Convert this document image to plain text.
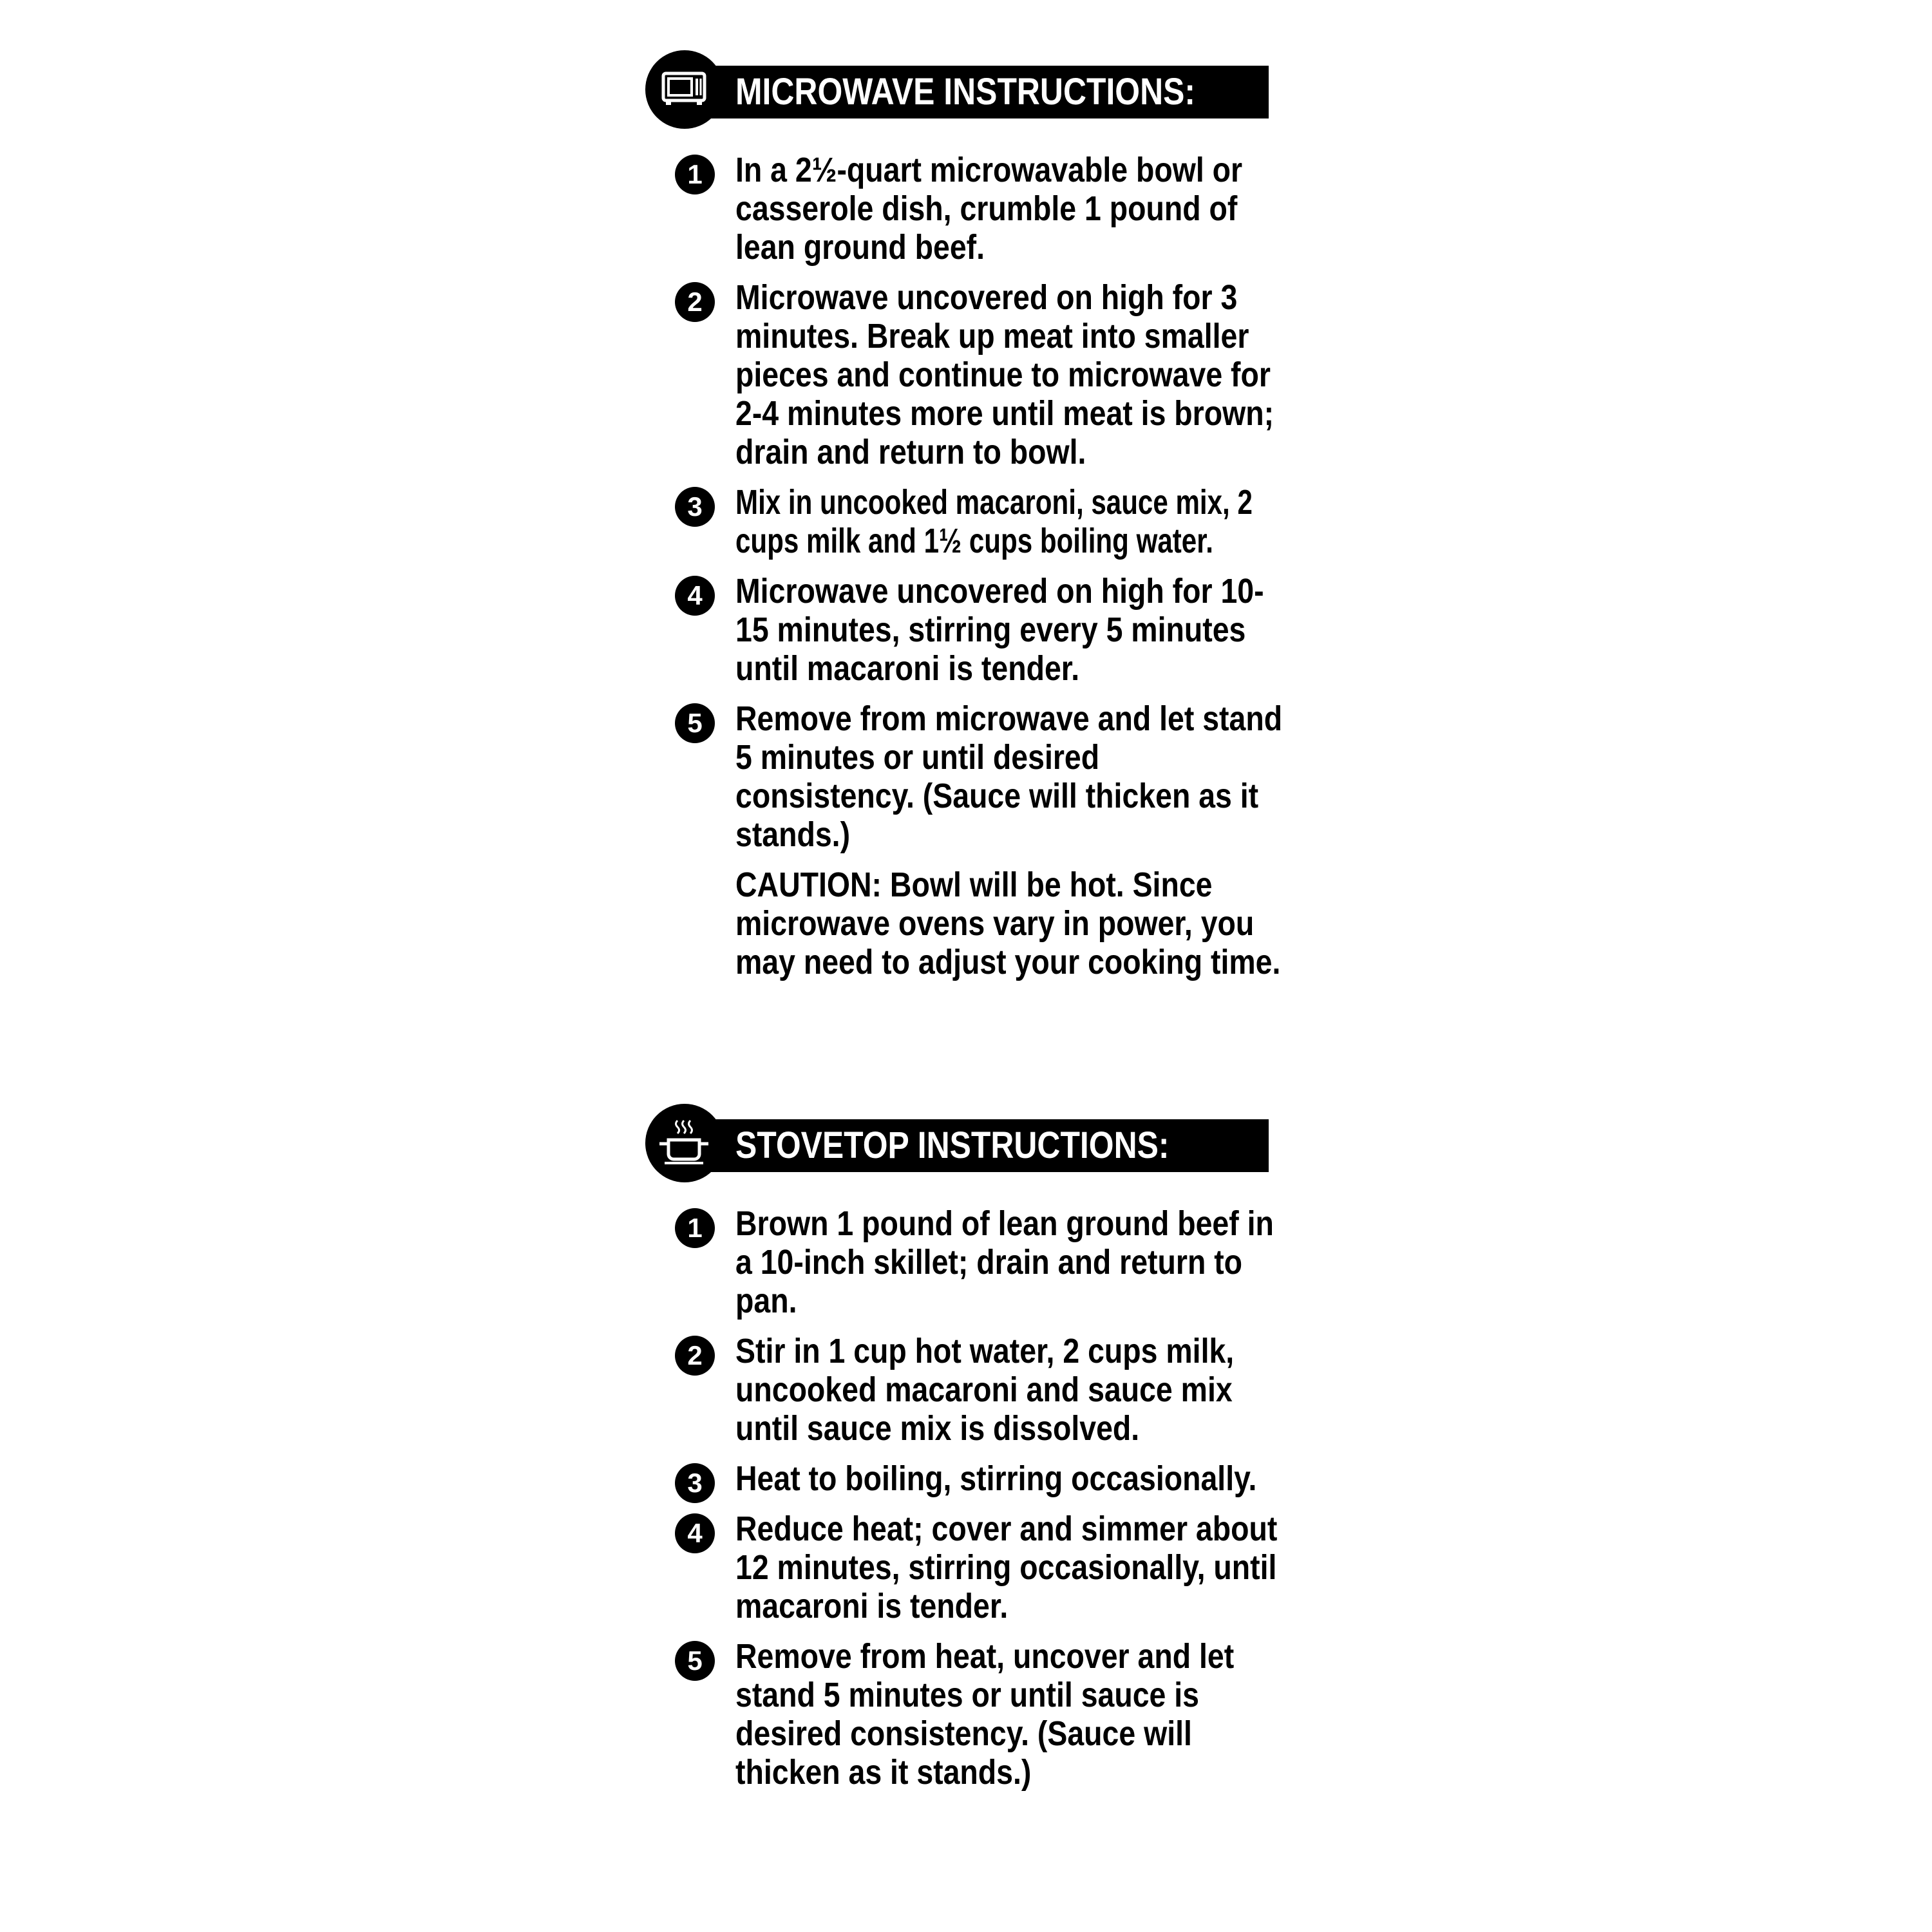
MICROWAVE INSTRUCTIONS:
1 In a 2½-quart microwavable bowl or casserole dish, crumble 1 pound of lean ground beef.
2 Microwave uncovered on high for 3 minutes. Break up meat into smaller pieces and continue to microwave for 2-4 minutes more until meat is brown; drain and return to bowl.
3 Mix in uncooked macaroni, sauce mix, 2 cups milk and 1½ cups boiling water.
4 Microwave uncovered on high for 10-15 minutes, stirring every 5 minutes until macaroni is tender.
5 Remove from microwave and let stand 5 minutes or until desired consistency. (Sauce will thicken as it stands.)
CAUTION: Bowl will be hot. Since microwave ovens vary in power, you may need to adjust your cooking time.
STOVETOP INSTRUCTIONS:
1 Brown 1 pound of lean ground beef in a 10-inch skillet; drain and return to pan.
2 Stir in 1 cup hot water, 2 cups milk, uncooked macaroni and sauce mix until sauce mix is dissolved.
3 Heat to boiling, stirring occasionally.
4 Reduce heat; cover and simmer about 12 minutes, stirring occasionally, until macaroni is tender.
5 Remove from heat, uncover and let stand 5 minutes or until sauce is desired consistency. (Sauce will thicken as it stands.)
